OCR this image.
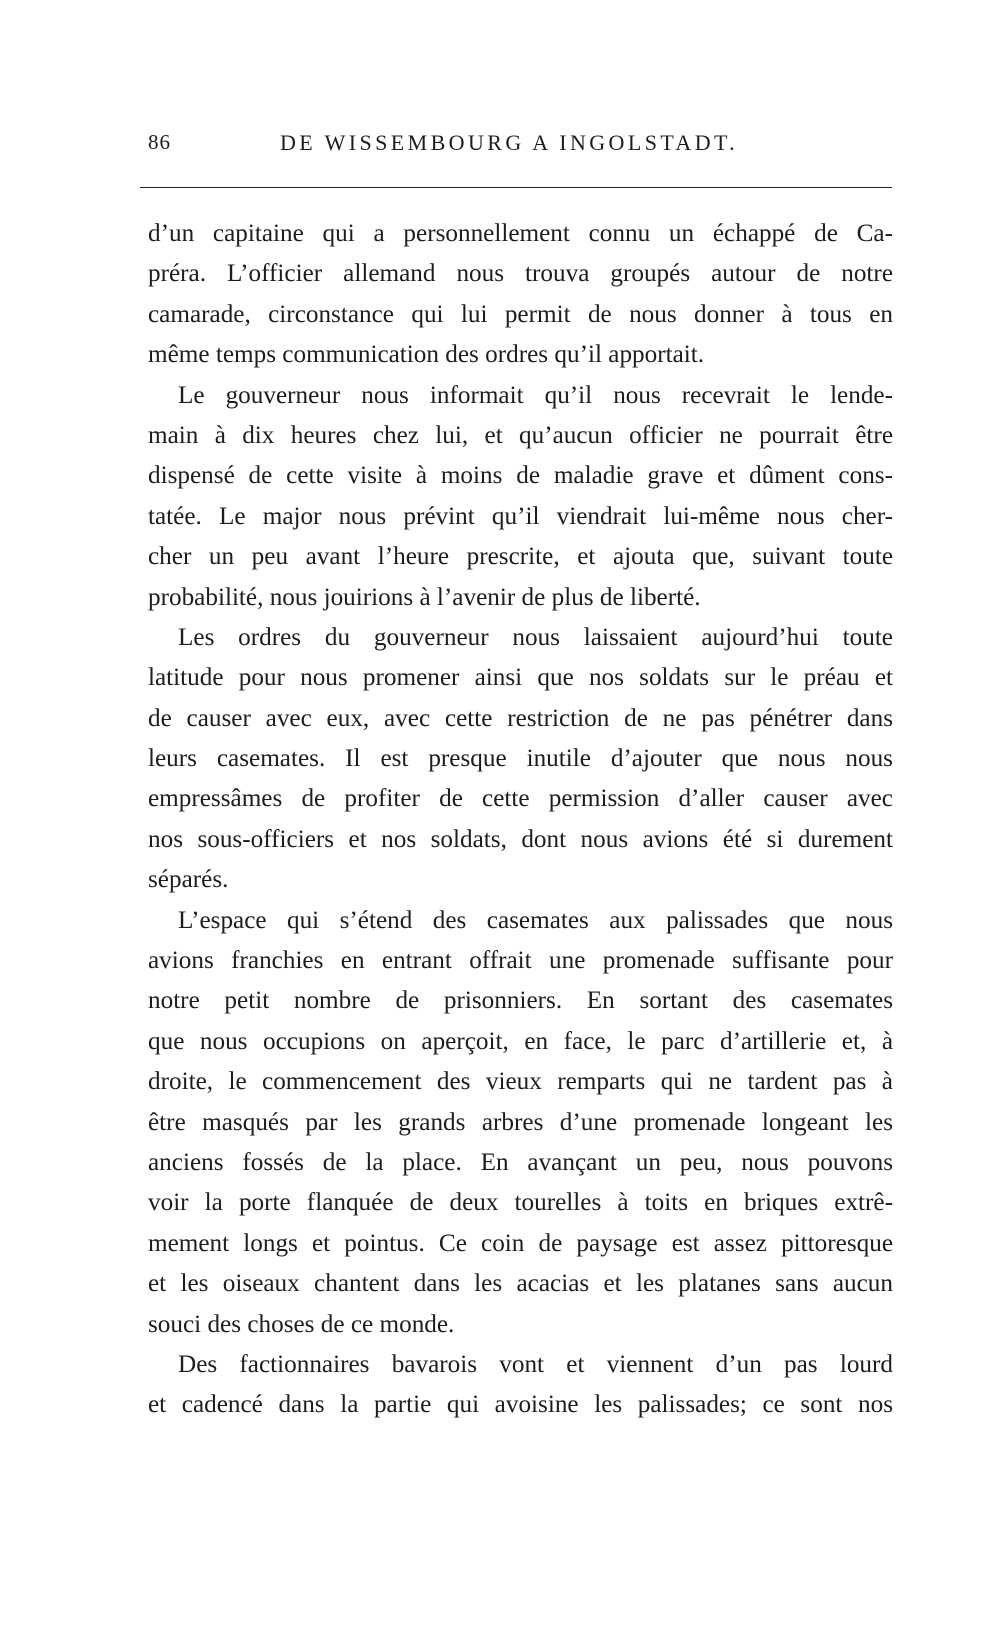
86	DE WISSEMBOURG A INGOLSTADT.
d’un capitaine qui a personnellement connu un échappé de Ca-
préra. L’officier allemand nous trouva groupés autour de notre
camarade, circonstance qui lui permit de nous donner à tous en
même temps communication des ordres qu’il apportait.
Le gouverneur nous informait qu’il nous recevrait le lende-
main à dix heures chez lui, et qu’aucun officier ne pourrait être
dispensé de cette visite à moins de maladie grave et dûment cons-
tatée. Le major nous prévint qu’il viendrait lui-même nous cher-
cher un peu avant l’heure prescrite, et ajouta que, suivant toute
probabilité, nous jouirions à l’avenir de plus de liberté.
Les ordres du gouverneur nous laissaient aujourd’hui toute
latitude pour nous promener ainsi que nos soldats sur le préau et
de causer avec eux, avec cette restriction de ne pas pénétrer dans
leurs casemates. Il est presque inutile d’ajouter que nous nous
empressâmes de profiter de cette permission d’aller causer avec
nos sous-officiers et nos soldats, dont nous avions été si durement
séparés.
L’espace qui s’étend des casemates aux palissades que nous
avions franchies en entrant offrait une promenade suffisante pour
notre petit nombre de prisonniers. En sortant des casemates
que nous occupions on aperçoit, en face, le parc d’artillerie et, à
droite, le commencement des vieux remparts qui ne tardent pas à
être masqués par les grands arbres d’une promenade longeant les
anciens fossés de la place. En avançant un peu, nous pouvons
voir la porte flanquée de deux tourelles à toits en briques extrê-
mement longs et pointus. Ce coin de paysage est assez pittoresque
et les oiseaux chantent dans les acacias et les platanes sans aucun
souci des choses de ce monde.
Des factionnaires bavarois vont et viennent d’un pas lourd
et cadencé dans la partie qui avoisine les palissades; ce sont nos
